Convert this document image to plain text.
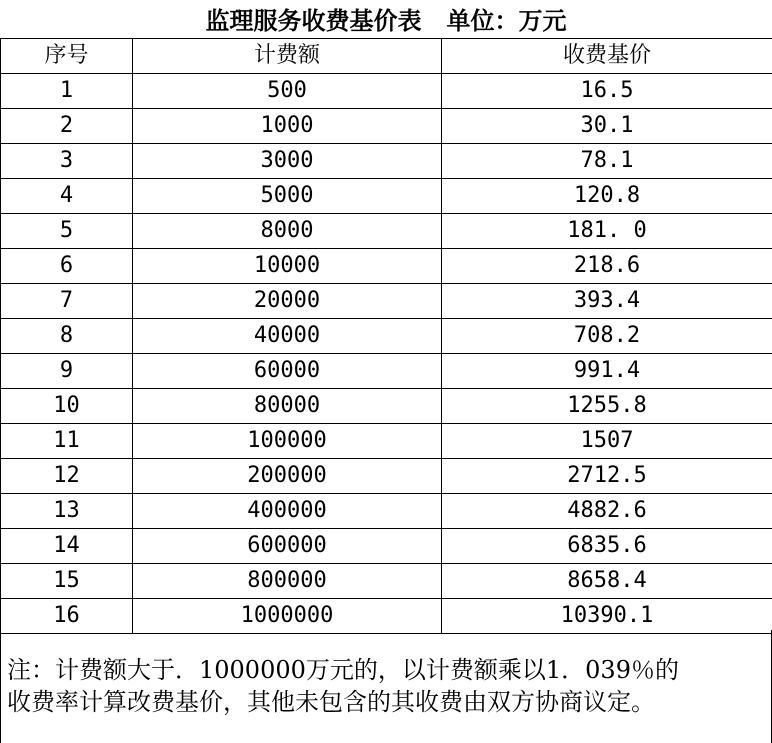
监理服务收费基价表   单位：万元
序号	计费额	收费基价
1	500	16.5
2	1000	30.1
3	3000	78.1
4	5000	120.8
5	8000	181. 0
6	10000	218.6
7	20000	393.4
8	40000	708.2
9	60000	991.4
10	80000	1255.8
11	100000	1507
12	200000	2712.5
13	400000	4882.6
14	600000	6835.6
15	800000	8658.4
16	1000000	10390.1
注：计费额大于．1000000万元的，以计费额乘以1．039％的
收费率计算改费基价，其他未包含的其收费由双方协商议定。
